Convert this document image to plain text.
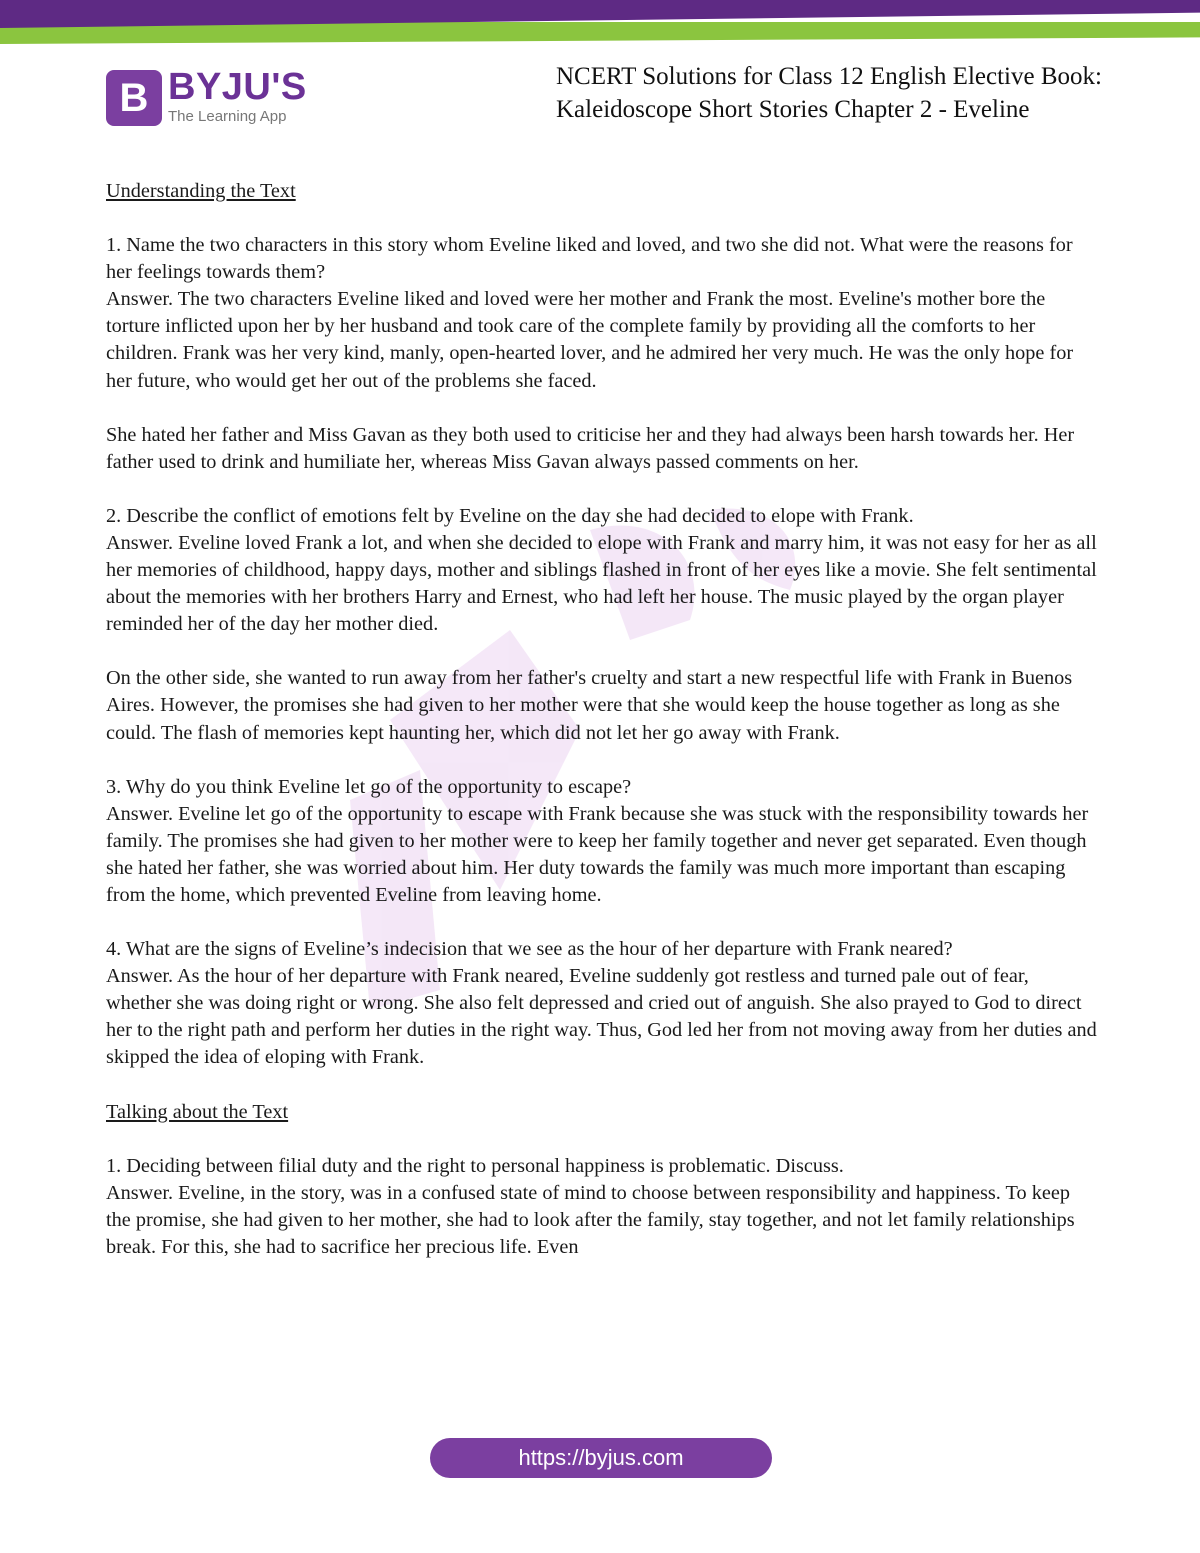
B BYJU'S
The Learning App
NCERT Solutions for Class 12 English Elective Book:
Kaleidoscope Short Stories Chapter 2 - Eveline

Understanding the Text

1. Name the two characters in this story whom Eveline liked and loved, and two she did not. What were the reasons for her feelings towards them?

Answer. The two characters Eveline liked and loved were her mother and Frank the most. Eveline's mother bore the torture inflicted upon her by her husband and took care of the complete family by providing all the comforts to her children. Frank was her very kind, manly, open-hearted lover, and he admired her very much. He was the only hope for her future, who would get her out of the problems she faced.

She hated her father and Miss Gavan as they both used to criticise her and they had always been harsh towards her. Her father used to drink and humiliate her, whereas Miss Gavan always passed comments on her.

2. Describe the conflict of emotions felt by Eveline on the day she had decided to elope with Frank.

Answer. Eveline loved Frank a lot, and when she decided to elope with Frank and marry him, it was not easy for her as all her memories of childhood, happy days, mother and siblings flashed in front of her eyes like a movie. She felt sentimental about the memories with her brothers Harry and Ernest, who had left her house. The music played by the organ player reminded her of the day her mother died.

On the other side, she wanted to run away from her father's cruelty and start a new respectful life with Frank in Buenos Aires. However, the promises she had given to her mother were that she would keep the house together as long as she could. The flash of memories kept haunting her, which did not let her go away with Frank.

3. Why do you think Eveline let go of the opportunity to escape?

Answer. Eveline let go of the opportunity to escape with Frank because she was stuck with the responsibility towards her family. The promises she had given to her mother were to keep her family together and never get separated. Even though she hated her father, she was worried about him. Her duty towards the family was much more important than escaping from the home, which prevented Eveline from leaving home.

4. What are the signs of Eveline’s indecision that we see as the hour of her departure with Frank neared?

Answer. As the hour of her departure with Frank neared, Eveline suddenly got restless and turned pale out of fear, whether she was doing right or wrong. She also felt depressed and cried out of anguish. She also prayed to God to direct her to the right path and perform her duties in the right way. Thus, God led her from not moving away from her duties and skipped the idea of eloping with Frank.

Talking about the Text

1. Deciding between filial duty and the right to personal happiness is problematic. Discuss.

Answer. Eveline, in the story, was in a confused state of mind to choose between responsibility and happiness. To keep the promise, she had given to her mother, she had to look after the family, stay together, and not let family relationships break. For this, she had to sacrifice her precious life. Even

https://byjus.com
